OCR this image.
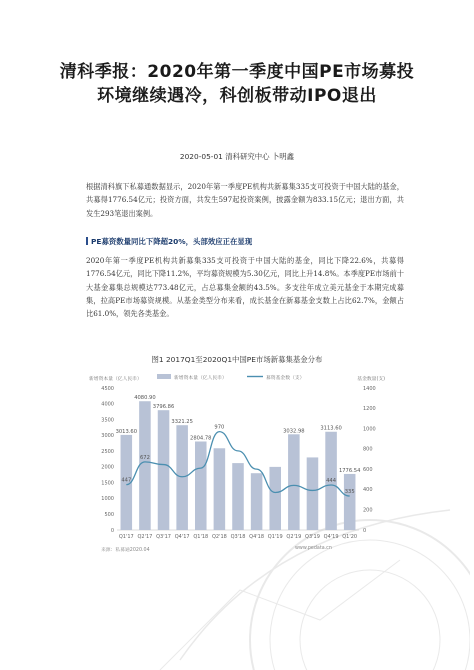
清科季报：2020年第一季度中国PE市场募投环境继续遇冷，科创板带动IPO退出
2020-05-01 清科研究中心 卜明鑫

根据清科旗下私募通数据显示，2020年第一季度PE机构共新募集335支可投资于中国大陆的基金，共募得1776.54亿元；投资方面，共发生597起投资案例，披露金额为833.15亿元；退出方面，共发生293笔退出案例。

PE募资数量同比下降超20%，头部效应正在显现

2020年第一季度PE机构共新募集335支可投资于中国大陆的基金，同比下降22.6%，共募得1776.54亿元，同比下降11.2%，平均募资规模为5.30亿元，同比上升14.8%。本季度PE市场前十大基金募集总规模达773.48亿元，占总募集金额的43.5%。多支往年成立美元基金于本期完成募集，拉高PE市场募资规模。从基金类型分布来看，成长基金在新募基金支数上占比62.7%，金额占比61.0%，领先各类基金。

图1 2017Q1至2020Q1中国PE市场新募集基金分布
新增资本量（亿人民币）	基金数量(支)
新增资本量（亿人民币）	募资基金数（支）
0
500
1000
1500
2000
2500
3000
3500
4000
4500
0
200
400
600
800
1000
1200
1400
3013.60
Q1'17
4080.90
Q2'17
3796.86
Q3'17
3321.25
Q4'17
2804.78
Q1'18 Q2'18 Q3'18 Q4'18 Q1'19
3032.98
Q2'19 Q3'19
3113.60
Q4'19
1776.54
Q1'20
447
672
970
444
335
来源：私募通2020.04	www.pedata.cn
